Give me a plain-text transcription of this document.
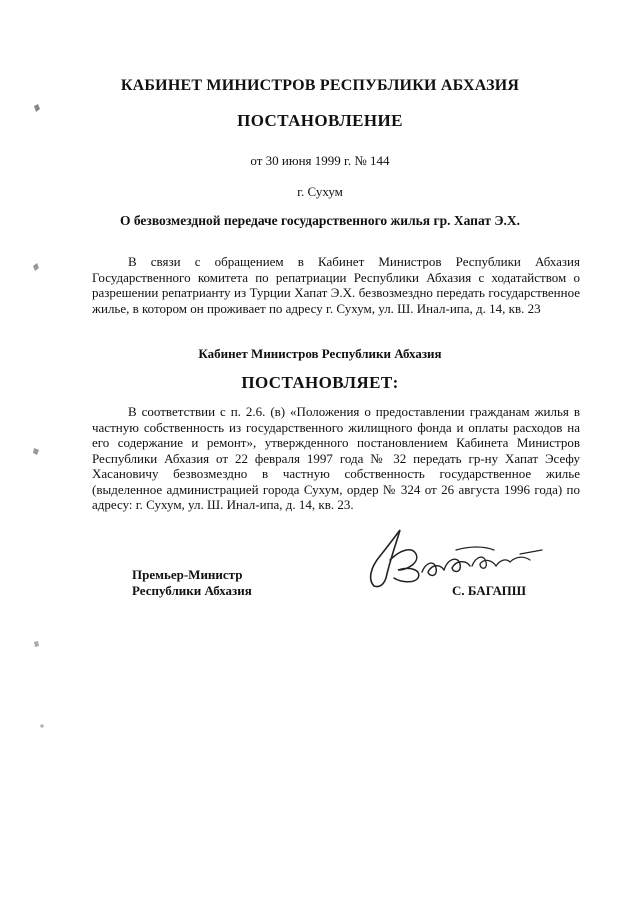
КАБИНЕТ МИНИСТРОВ РЕСПУБЛИКИ АБХАЗИЯ
ПОСТАНОВЛЕНИЕ

от 30 июня 1999 г. № 144

г. Сухум

О безвозмездной передаче государственного жилья гр. Хапат Э.Х.

В связи с обращением в Кабинет Министров Республики Абхазия Государственного комитета по репатриации Республики Абхазия с ходатайством о разрешении репатрианту из Турции Хапат Э.Х. безвозмездно передать государственное жилье, в котором он проживает по адресу г. Сухум, ул. Ш. Инал-ипа, д. 14, кв. 23

Кабинет Министров Республики Абхазия

ПОСТАНОВЛЯЕТ:

В соответствии с п. 2.6. (в) «Положения о предоставлении гражданам жилья в частную собственность из государственного жилищного фонда и оплаты расходов на его содержание и ремонт», утвержденного постановлением Кабинета Министров Республики Абхазия от 22 февраля 1997 года № 32 передать гр-ну Хапат Эсефу Хасановичу безвозмездно в частную собственность государственное жилье (выделенное администрацией города Сухум, ордер № 324 от 26 августа 1996 года) по адресу: г. Сухум, ул. Ш. Инал-ипа, д. 14, кв. 23.

Премьер-Министр
Республики Абхазия	С. БАГАПШ
